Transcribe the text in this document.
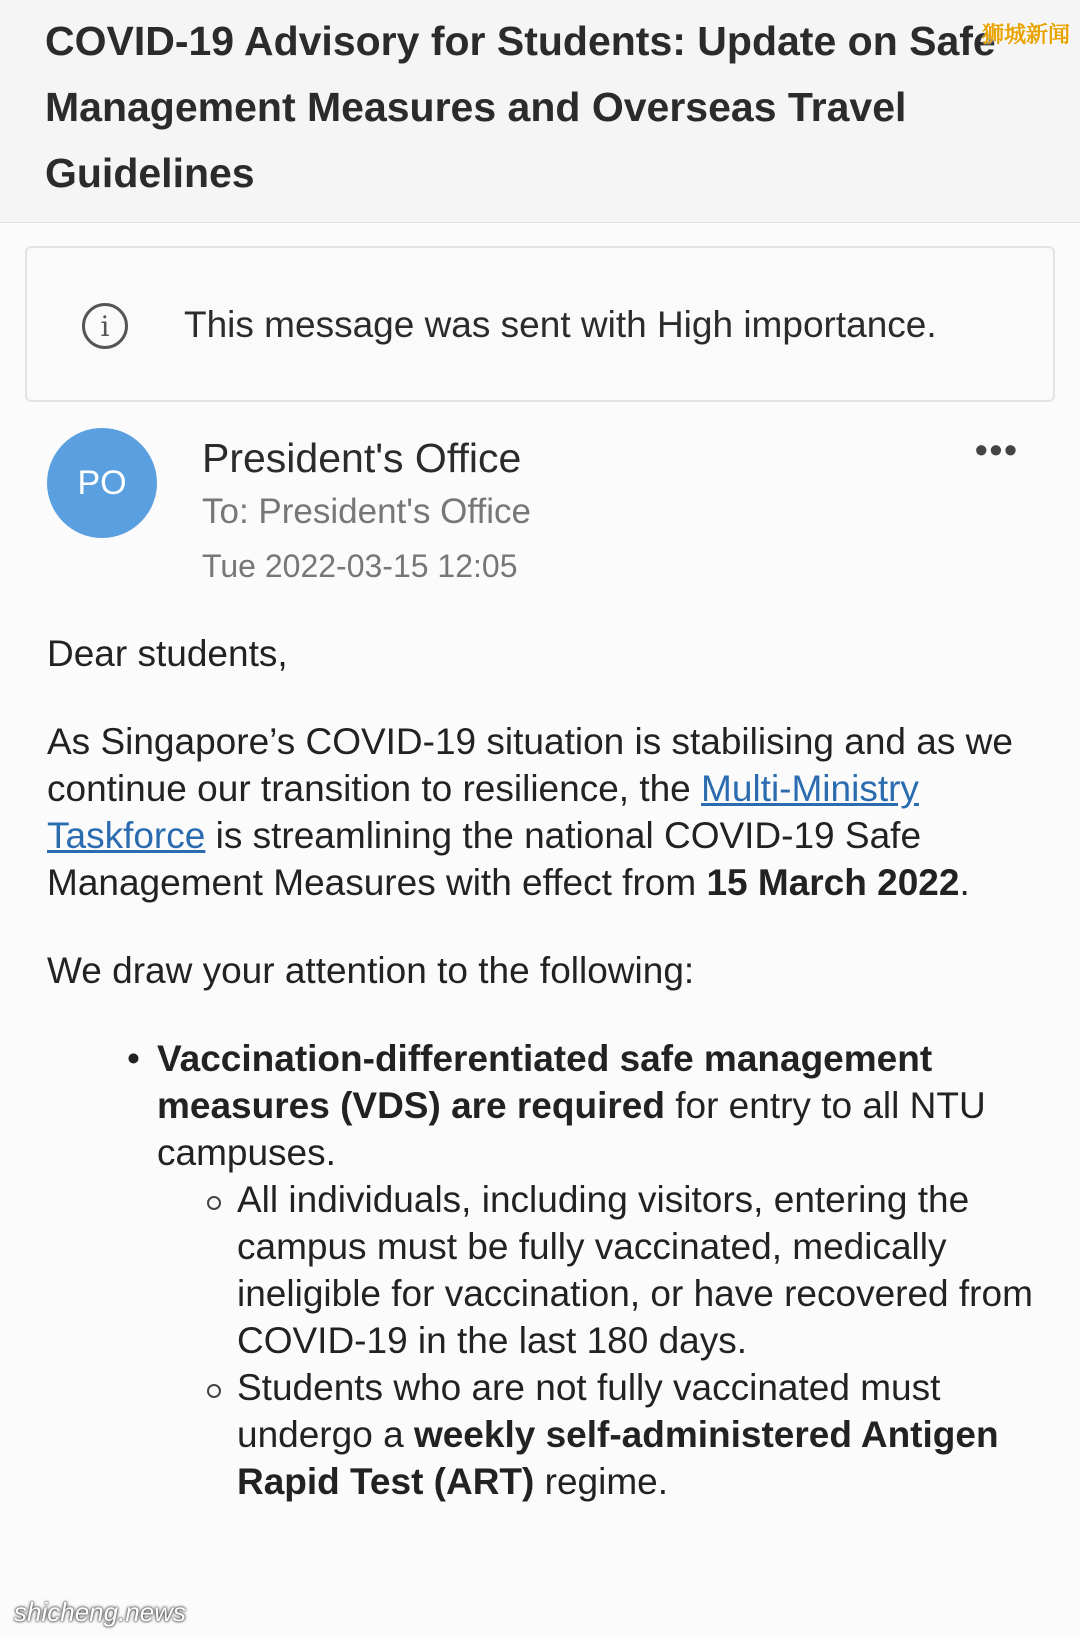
COVID-19 Advisory for Students: Update on Safe Management Measures and Overseas Travel Guidelines
狮城新闻
i	This message was sent with High importance.
PO
President's Office
To: President's Office
Tue 2022-03-15 12:05
•••
Dear students,
As Singapore’s COVID-19 situation is stabilising and as we continue our transition to resilience, the Multi-Ministry Taskforce is streamlining the national COVID-19 Safe Management Measures with effect from 15 March 2022.
We draw your attention to the following:
• Vaccination-differentiated safe management measures (VDS) are required for entry to all NTU campuses.
All individuals, including visitors, entering the campus must be fully vaccinated, medically ineligible for vaccination, or have recovered from COVID-19 in the last 180 days.
Students who are not fully vaccinated must undergo a weekly self-administered Antigen Rapid Test (ART) regime.
shicheng.news
